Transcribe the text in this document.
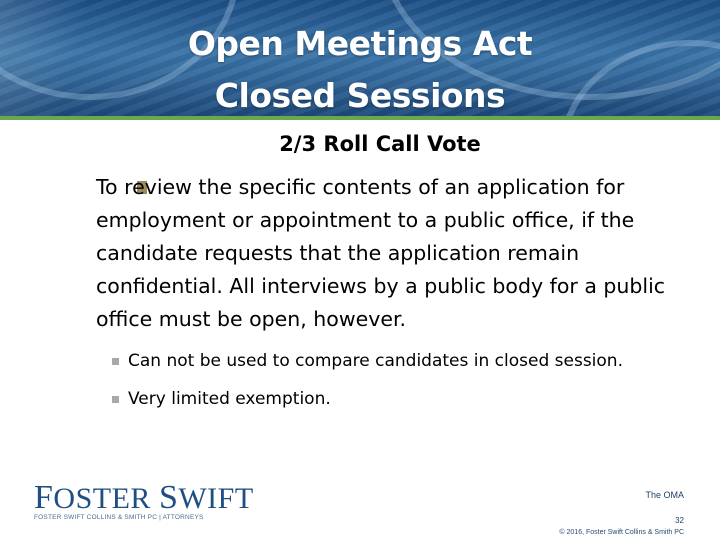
Open Meetings Act
Closed Sessions
2/3 Roll Call Vote
To review the specific contents of an application for employment or appointment to a public office, if the candidate requests that the application remain confidential. All interviews by a public body for a public office must be open, however.
Can not be used to compare candidates in closed session.
Very limited exemption.
FOSTER SWIFT
FOSTER SWIFT COLLINS & SMITH PC | ATTORNEYS
The OMA
32
© 2016, Foster Swift Collins & Smith PC
